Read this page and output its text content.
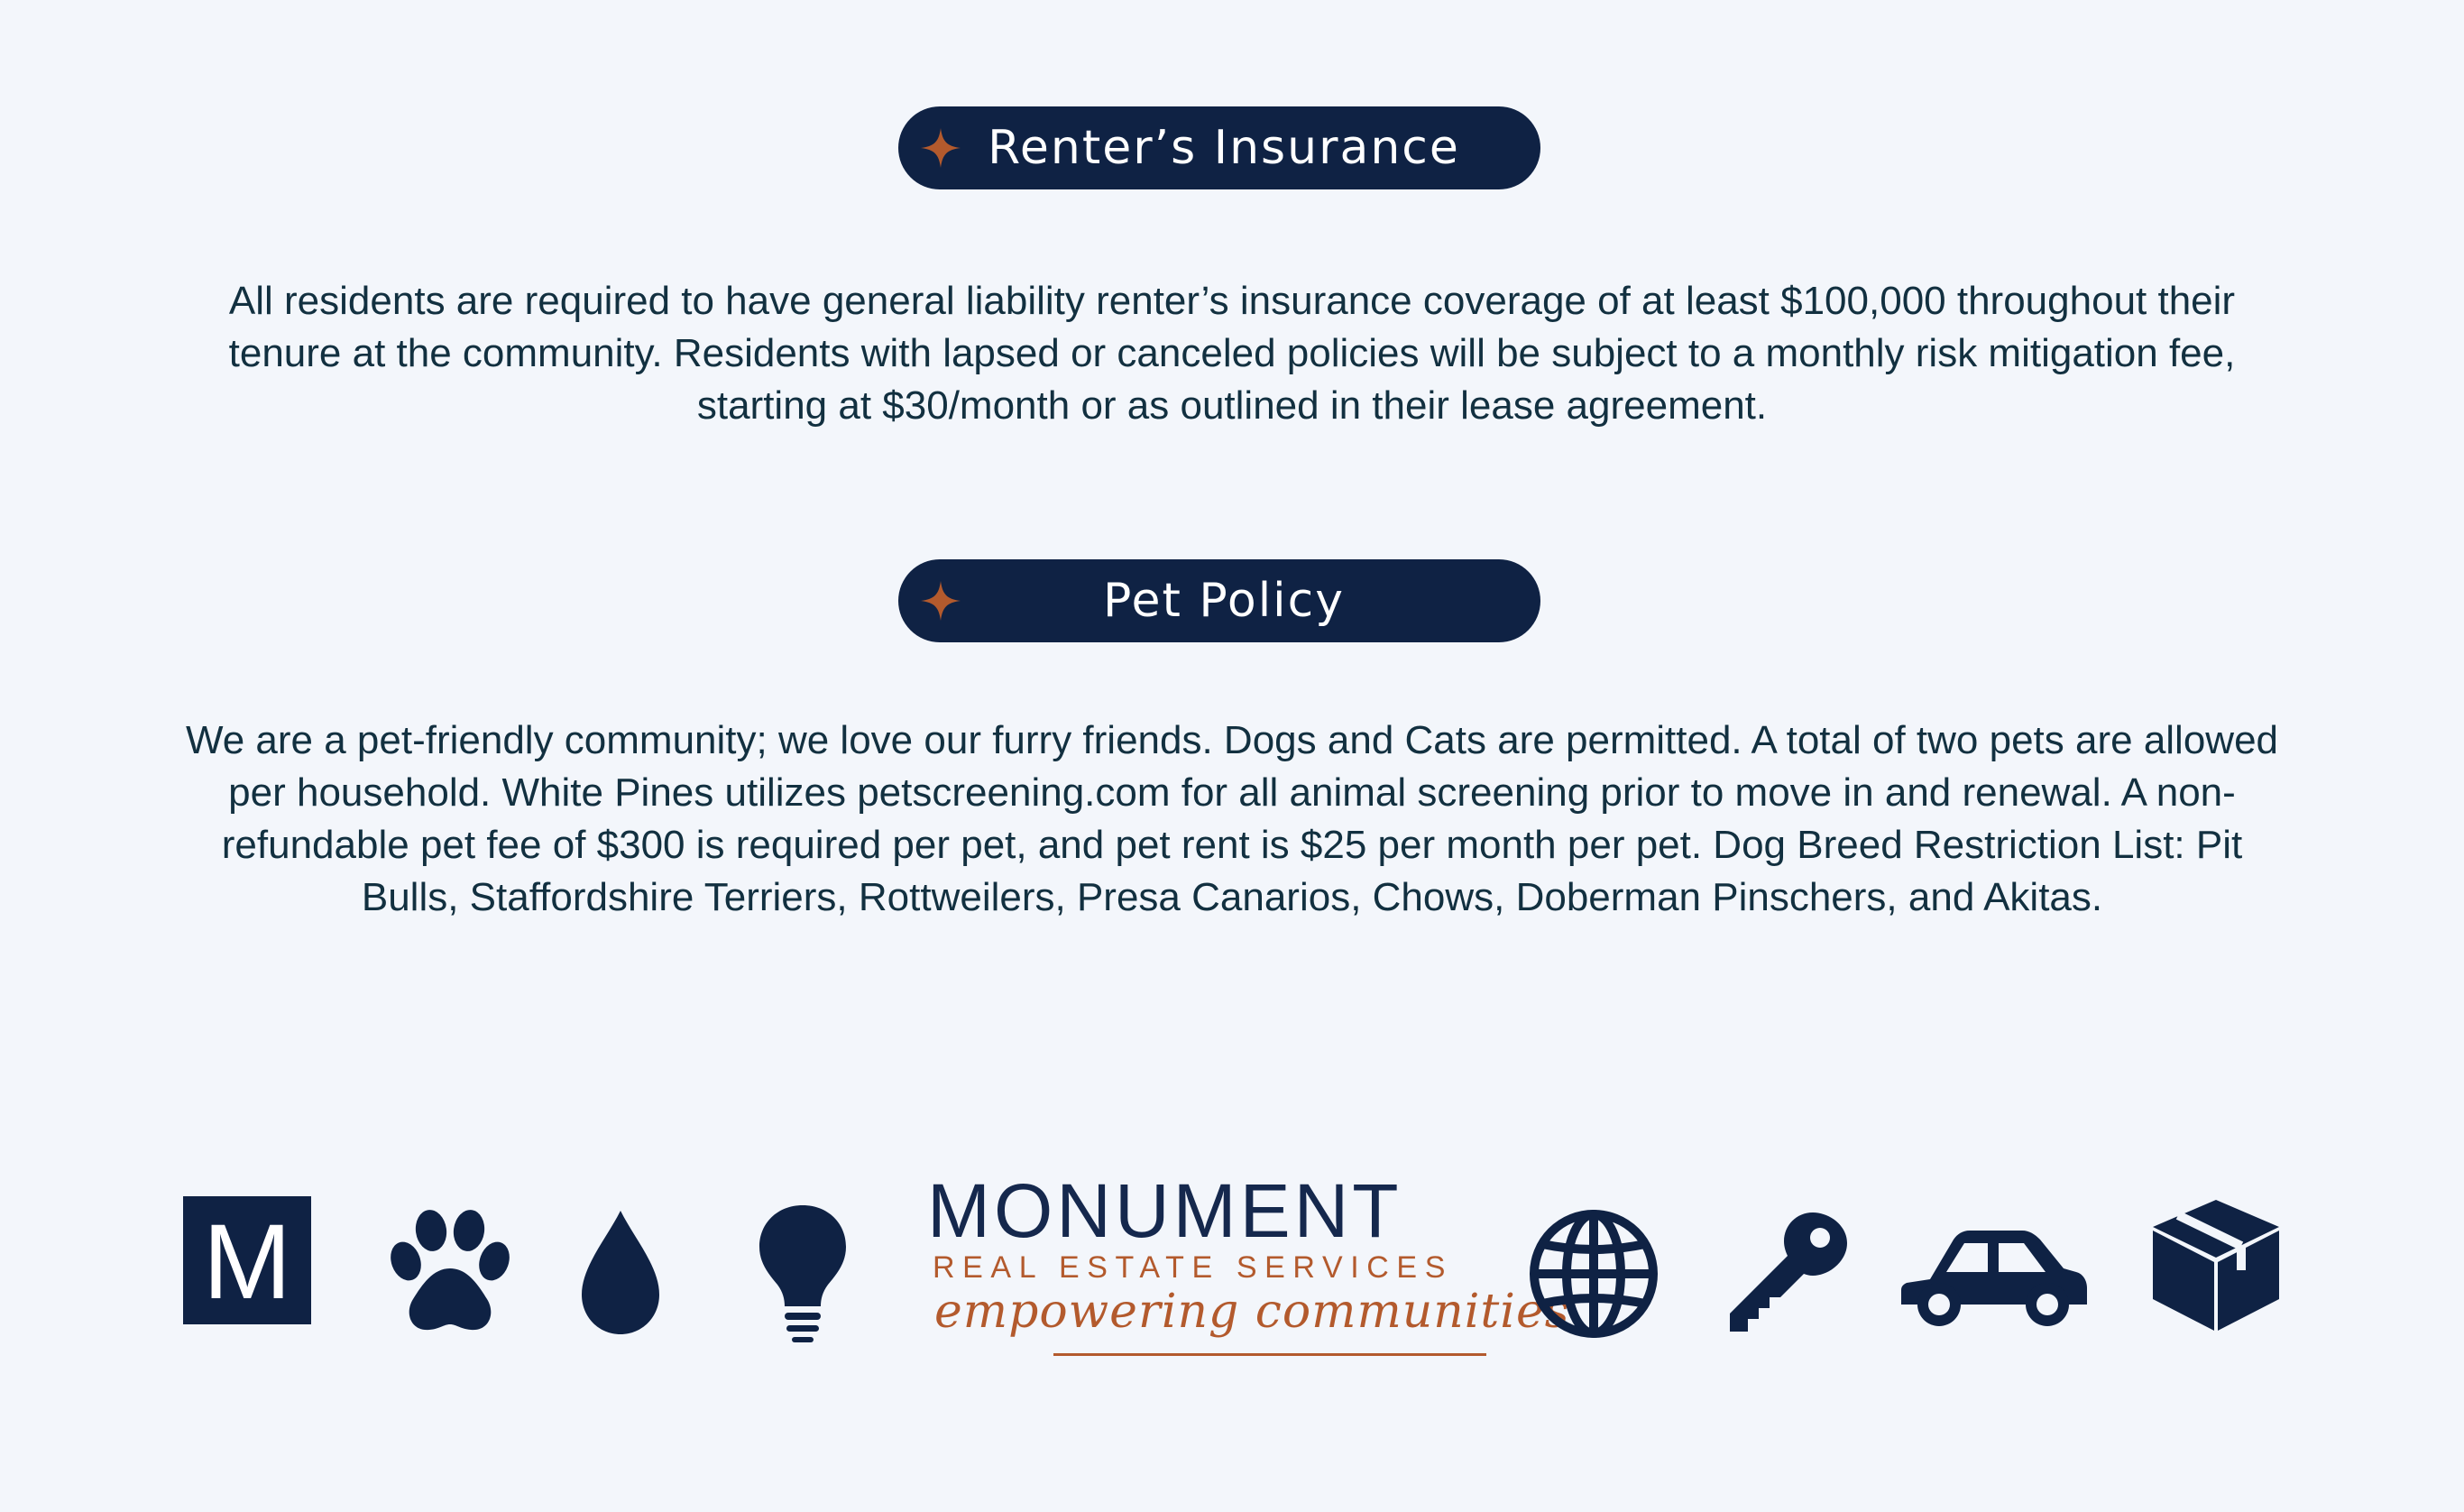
Renter’s Insurance

All residents are required to have general liability renter’s insurance coverage of at least $100,000 throughout their tenure at the community. Residents with lapsed or canceled policies will be subject to a monthly risk mitigation fee, starting at $30/month or as outlined in their lease agreement.

Pet Policy

We are a pet-friendly community; we love our furry friends. Dogs and Cats are permitted. A total of two pets are allowed per household. White Pines utilizes petscreening.com for all animal screening prior to move in and renewal. A non-refundable pet fee of $300 is required per pet, and pet rent is $25 per month per pet. Dog Breed Restriction List: Pit Bulls, Staffordshire Terriers, Rottweilers, Presa Canarios, Chows, Doberman Pinschers, and Akitas.

M	MONUMENT
REAL ESTATE SERVICES
empowering communities
